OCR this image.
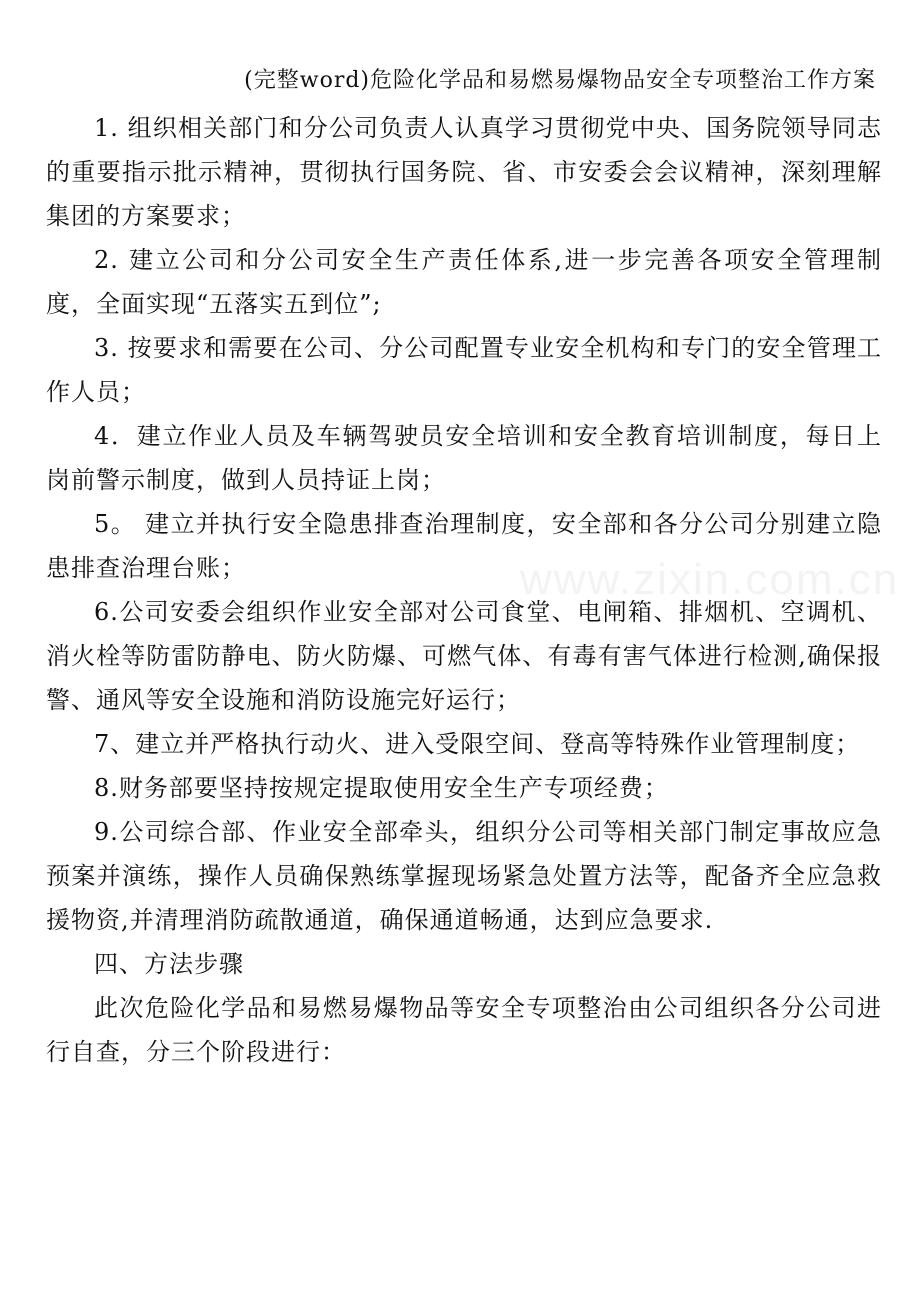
(完整word)危险化学品和易燃易爆物品安全专项整治工作方案

1. 组织相关部门和分公司负责人认真学习贯彻党中央、国务院领导同志的重要指示批示精神，贯彻执行国务院、省、市安委会会议精神，深刻理解集团的方案要求；

2. 建立公司和分公司安全生产责任体系,进一步完善各项安全管理制度，全面实现“五落实五到位”;

3. 按要求和需要在公司、分公司配置专业安全机构和专门的安全管理工作人员；

4．建立作业人员及车辆驾驶员安全培训和安全教育培训制度，每日上岗前警示制度，做到人员持证上岗；

5。 建立并执行安全隐患排查治理制度，安全部和各分公司分别建立隐患排查治理台账；

6.公司安委会组织作业安全部对公司食堂、电闸箱、排烟机、空调机、消火栓等防雷防静电、防火防爆、可燃气体、有毒有害气体进行检测,确保报警、通风等安全设施和消防设施完好运行；

7、建立并严格执行动火、进入受限空间、登高等特殊作业管理制度；

8.财务部要坚持按规定提取使用安全生产专项经费；

9.公司综合部、作业安全部牵头，组织分公司等相关部门制定事故应急预案并演练，操作人员确保熟练掌握现场紧急处置方法等，配备齐全应急救援物资,并清理消防疏散通道，确保通道畅通，达到应急要求.

四、方法步骤

此次危险化学品和易燃易爆物品等安全专项整治由公司组织各分公司进行自查，分三个阶段进行：

www.zixin.com.cn
